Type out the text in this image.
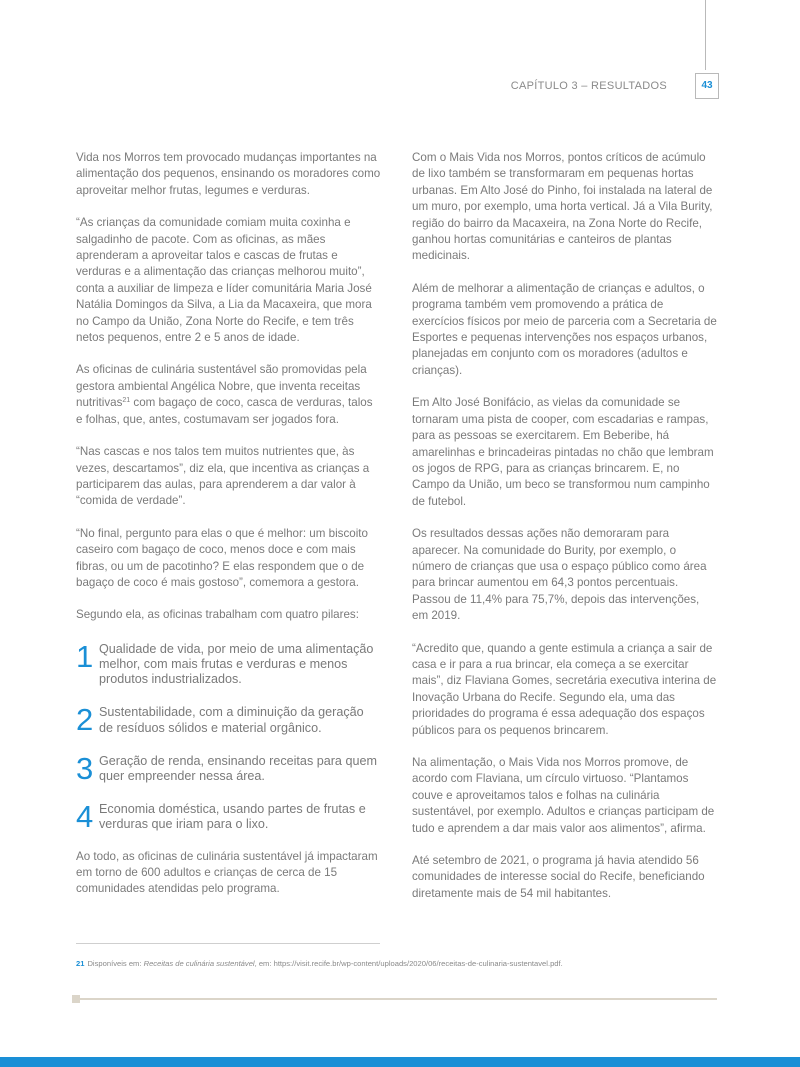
CAPÍTULO 3 – RESULTADOS	43

Vida nos Morros tem provocado mudanças importantes na alimentação dos pequenos, ensinando os moradores como aproveitar melhor frutas, legumes e verduras.

“As crianças da comunidade comiam muita coxinha e salgadinho de pacote. Com as oficinas, as mães aprenderam a aproveitar talos e cascas de frutas e verduras e a alimentação das crianças melhorou muito”, conta a auxiliar de limpeza e líder comunitária Maria José Natália Domingos da Silva, a Lia da Macaxeira, que mora no Campo da União, Zona Norte do Recife, e tem três netos pequenos, entre 2 e 5 anos de idade.

As oficinas de culinária sustentável são promovidas pela gestora ambiental Angélica Nobre, que inventa receitas nutritivas$^{21}$ com bagaço de coco, casca de verduras, talos e folhas, que, antes, costumavam ser jogados fora.

“Nas cascas e nos talos tem muitos nutrientes que, às vezes, descartamos”, diz ela, que incentiva as crianças a participarem das aulas, para aprenderem a dar valor à “comida de verdade”.

“No final, pergunto para elas o que é melhor: um biscoito caseiro com bagaço de coco, menos doce e com mais fibras, ou um de pacotinho? E elas respondem que o de bagaço de coco é mais gostoso”, comemora a gestora.

Segundo ela, as oficinas trabalham com quatro pilares:

1 Qualidade de vida, por meio de uma alimentação melhor, com mais frutas e verduras e menos produtos industrializados.
2 Sustentabilidade, com a diminuição da geração de resíduos sólidos e material orgânico.
3 Geração de renda, ensinando receitas para quem quer empreender nessa área.
4 Economia doméstica, usando partes de frutas e verduras que iriam para o lixo.

Ao todo, as oficinas de culinária sustentável já impactaram em torno de 600 adultos e crianças de cerca de 15 comunidades atendidas pelo programa.

Com o Mais Vida nos Morros, pontos críticos de acúmulo de lixo também se transformaram em pequenas hortas urbanas. Em Alto José do Pinho, foi instalada na lateral de um muro, por exemplo, uma horta vertical. Já a Vila Burity, região do bairro da Macaxeira, na Zona Norte do Recife, ganhou hortas comunitárias e canteiros de plantas medicinais.

Além de melhorar a alimentação de crianças e adultos, o programa também vem promovendo a prática de exercícios físicos por meio de parceria com a Secretaria de Esportes e pequenas intervenções nos espaços urbanos, planejadas em conjunto com os moradores (adultos e crianças).

Em Alto José Bonifácio, as vielas da comunidade se tornaram uma pista de cooper, com escadarias e rampas, para as pessoas se exercitarem. Em Beberibe, há amarelinhas e brincadeiras pintadas no chão que lembram os jogos de RPG, para as crianças brincarem. E, no Campo da União, um beco se transformou num campinho de futebol.

Os resultados dessas ações não demoraram para aparecer. Na comunidade do Burity, por exemplo, o número de crianças que usa o espaço público como área para brincar aumentou em 64,3 pontos percentuais. Passou de 11,4% para 75,7%, depois das intervenções, em 2019.

“Acredito que, quando a gente estimula a criança a sair de casa e ir para a rua brincar, ela começa a se exercitar mais”, diz Flaviana Gomes, secretária executiva interina de Inovação Urbana do Recife. Segundo ela, uma das prioridades do programa é essa adequação dos espaços públicos para os pequenos brincarem.

Na alimentação, o Mais Vida nos Morros promove, de acordo com Flaviana, um círculo virtuoso. “Plantamos couve e aproveitamos talos e folhas na culinária sustentável, por exemplo. Adultos e crianças participam de tudo e aprendem a dar mais valor aos alimentos”, afirma.

Até setembro de 2021, o programa já havia atendido 56 comunidades de interesse social do Recife, beneficiando diretamente mais de 54 mil habitantes.

21 Disponíveis em: Receitas de culinária sustentável, em: https://visit.recife.br/wp-content/uploads/2020/06/receitas-de-culinaria-sustentavel.pdf.
